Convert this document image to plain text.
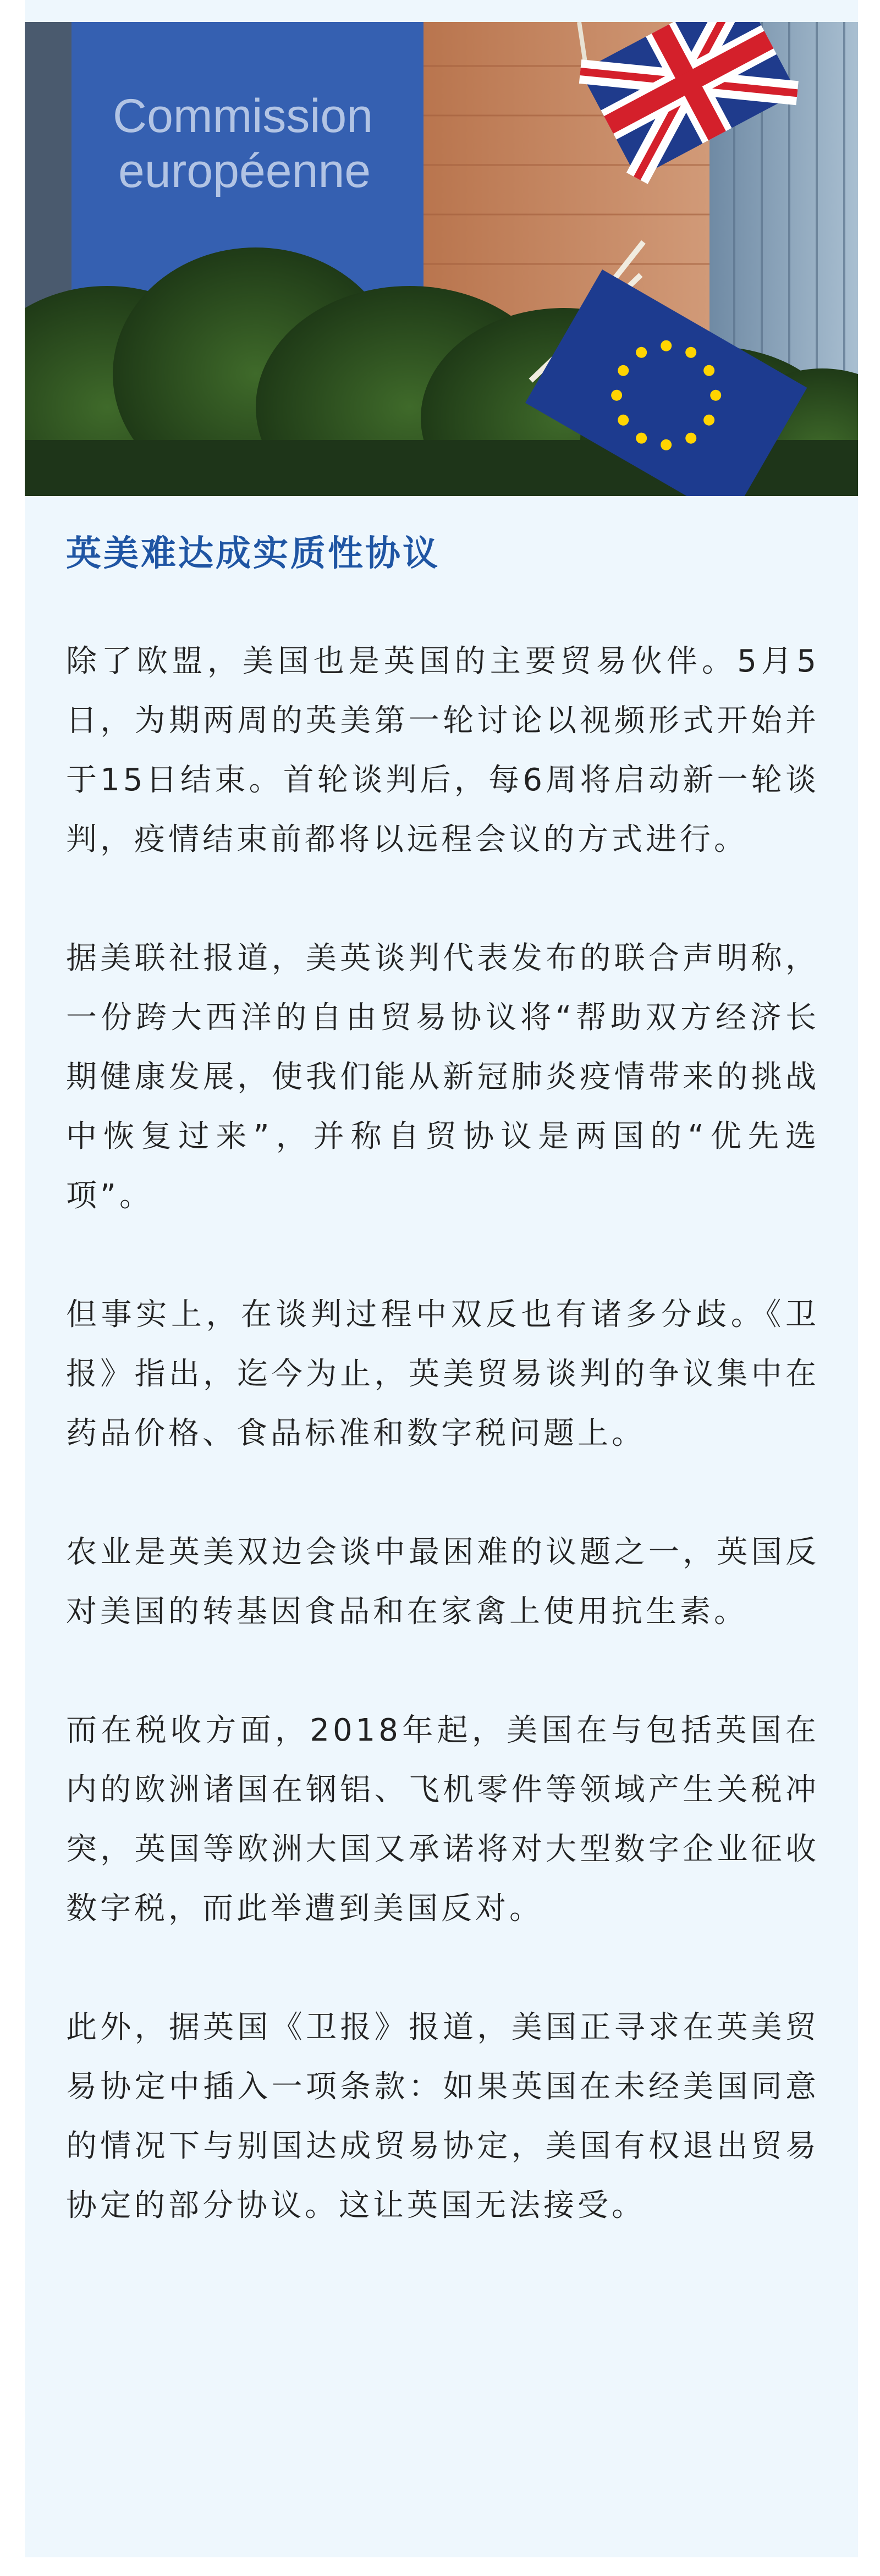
Commission
européenne
英美难达成实质性协议

除了欧盟，美国也是英国的主要贸易伙伴。5月5日，为期两周的英美第一轮讨论以视频形式开始并于15日结束。首轮谈判后，每6周将启动新一轮谈判，疫情结束前都将以远程会议的方式进行。

据美联社报道，美英谈判代表发布的联合声明称，一份跨大西洋的自由贸易协议将“帮助双方经济长期健康发展，使我们能从新冠肺炎疫情带来的挑战中恢复过来”，并称自贸协议是两国的“优先选项”。

但事实上，在谈判过程中双反也有诸多分歧。《卫报》指出，迄今为止，英美贸易谈判的争议集中在药品价格、食品标准和数字税问题上。

农业是英美双边会谈中最困难的议题之一，英国反对美国的转基因食品和在家禽上使用抗生素。

而在税收方面，2018年起，美国在与包括英国在内的欧洲诸国在钢铝、飞机零件等领域产生关税冲突，英国等欧洲大国又承诺将对大型数字企业征收数字税，而此举遭到美国反对。

此外，据英国《卫报》报道，美国正寻求在英美贸易协定中插入一项条款：如果英国在未经美国同意的情况下与别国达成贸易协定，美国有权退出贸易协定的部分协议。这让英国无法接受。
